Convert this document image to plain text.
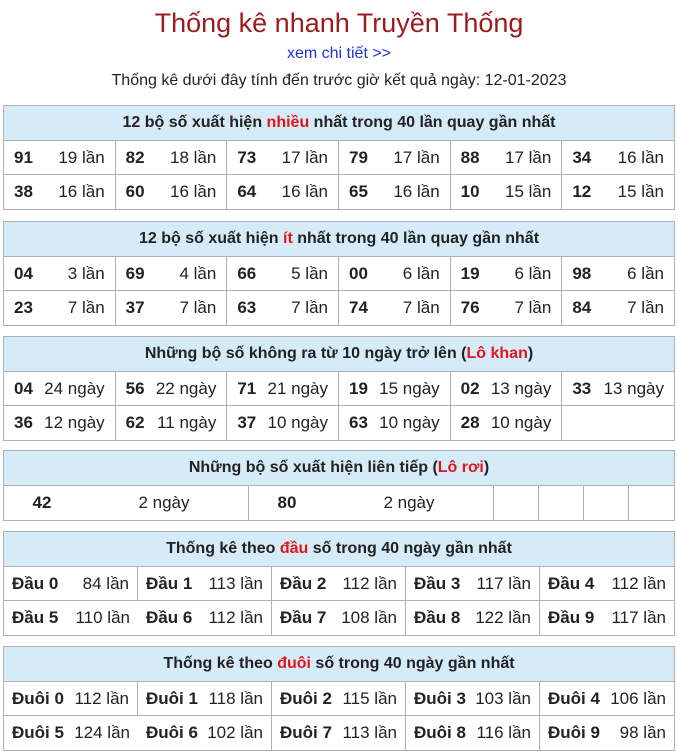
Thống kê nhanh Truyền Thống
xem chi tiết >>
Thống kê dưới đây tính đến trước giờ kết quả ngày: 12-01-2023
12 bộ số xuất hiện nhiều nhất trong 40 lần quay gần nhất
91 19 lần 82 18 lần 73 17 lần 79 17 lần 88 17 lần 34 16 lần
38 16 lần 60 16 lần 64 16 lần 65 16 lần 10 15 lần 12 15 lần
12 bộ số xuất hiện ít nhất trong 40 lần quay gần nhất
04 3 lần 69 4 lần 66 5 lần 00 6 lần 19 6 lần 98 6 lần
23 7 lần 37 7 lần 63 7 lần 74 7 lần 76 7 lần 84 7 lần
Những bộ số không ra từ 10 ngày trở lên (Lô khan)
04 24 ngày 56 22 ngày 71 21 ngày 19 15 ngày 02 13 ngày 33 13 ngày
36 12 ngày 62 11 ngày 37 10 ngày 63 10 ngày 28 10 ngày
Những bộ số xuất hiện liên tiếp (Lô rơi)
42	2 ngày	80	2 ngày
Thống kê theo đầu số trong 40 ngày gần nhất
Đầu 0 84 lần Đầu 1 113 lần Đầu 2 112 lần Đầu 3 117 lần Đầu 4 112 lần
Đầu 5 110 lần Đầu 6 112 lần Đầu 7 108 lần Đầu 8 122 lần Đầu 9 117 lần
Thống kê theo đuôi số trong 40 ngày gần nhất
Đuôi 0 112 lần Đuôi 1 118 lần Đuôi 2 115 lần Đuôi 3 103 lần Đuôi 4 106 lần
Đuôi 5 124 lần Đuôi 6 102 lần Đuôi 7 113 lần Đuôi 8 116 lần Đuôi 9 98 lần
